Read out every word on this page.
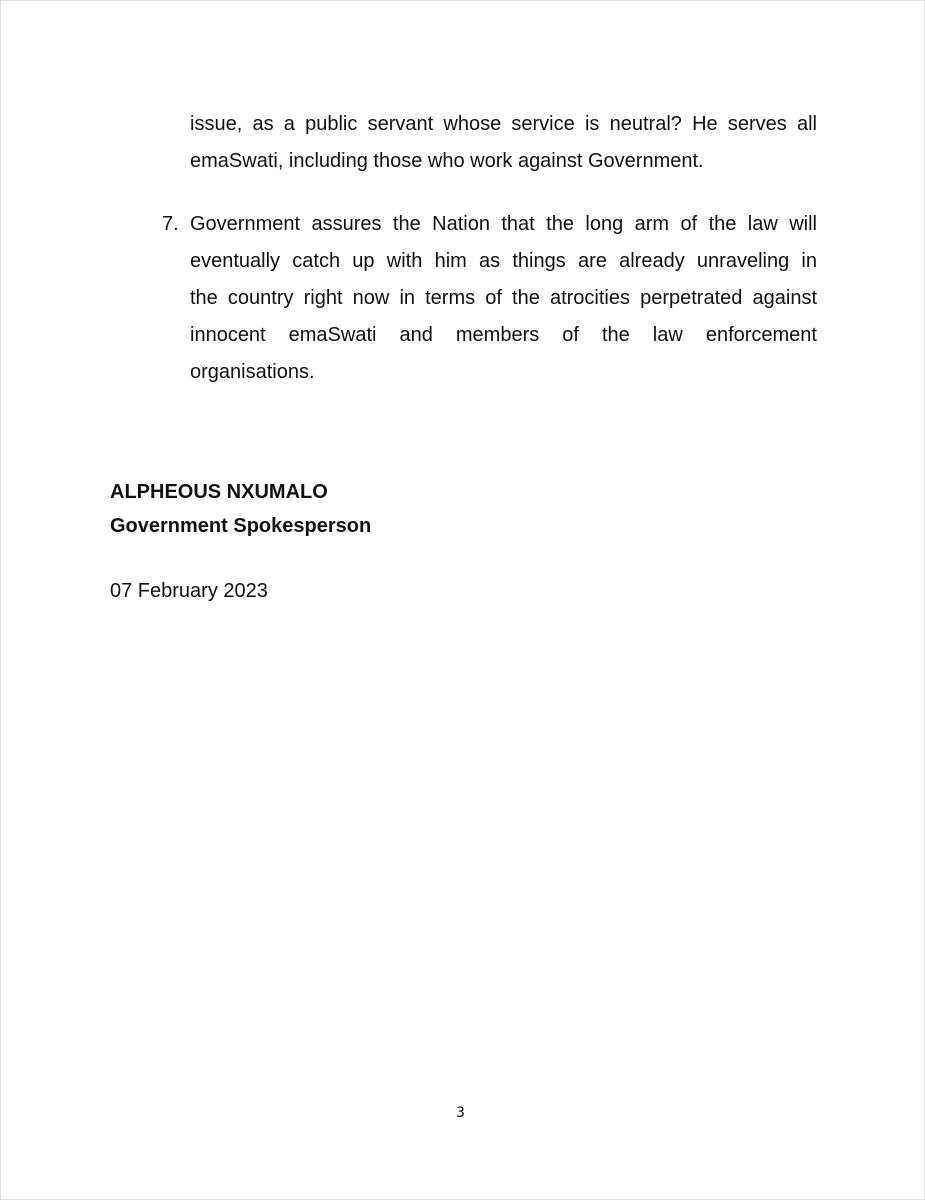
issue, as a public servant whose service is neutral? He serves all
emaSwati, including those who work against Government.
7. Government assures the Nation that the long arm of the law will
eventually catch up with him as things are already unraveling in
the country right now in terms of the atrocities perpetrated against
innocent emaSwati and members of the law enforcement
organisations.
ALPHEOUS NXUMALO
Government Spokesperson
07 February 2023
3
